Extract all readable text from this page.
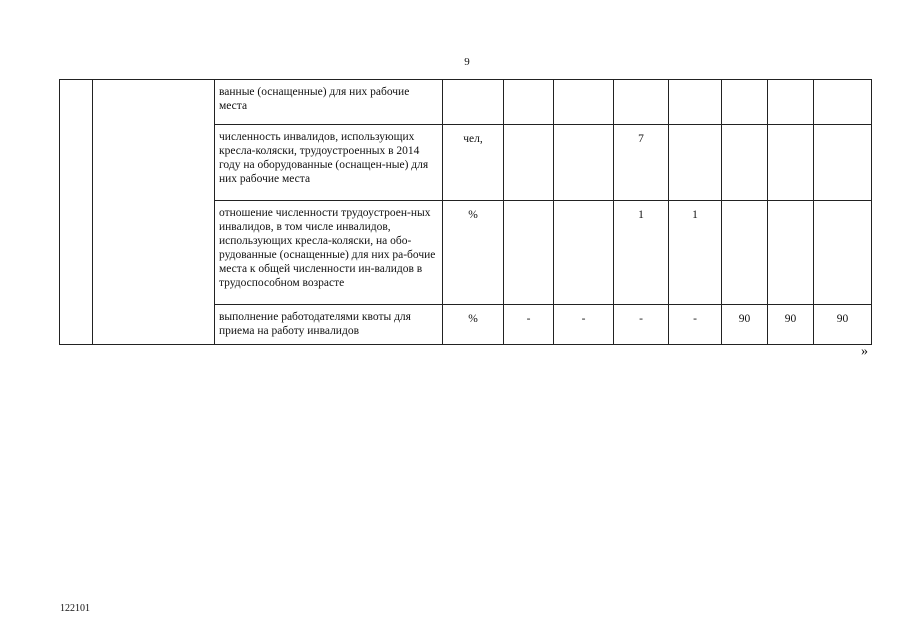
9
		ванные (оснащенные) для них рабочие места								
		численность инвалидов, использующих кресла-коляски, трудоустроенных в 2014 году на оборудованные (оснащен-ные) для них рабочие места	чел,			7				
		отношение численности трудоустроен-ных инвалидов, в том числе инвалидов, использующих кресла-коляски, на обо-рудованные (оснащенные) для них ра-бочие места к общей численности ин-валидов в трудоспособном возрасте	%			1	1			
		выполнение работодателями квоты для приема на работу инвалидов	%	-	-	-	-	90	90	90
»
122101
